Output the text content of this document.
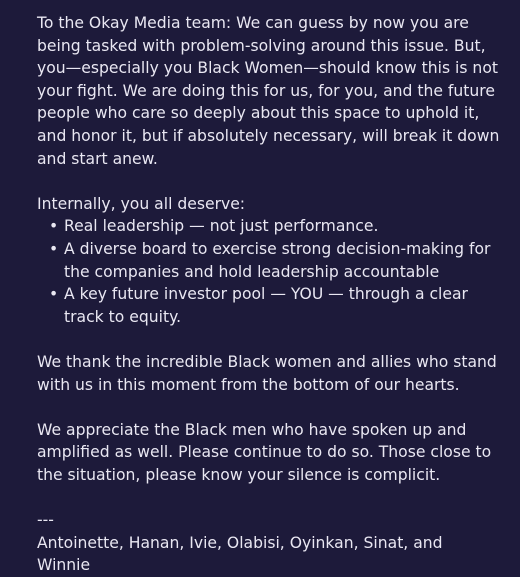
To the Okay Media team: We can guess by now you are being tasked with problem-solving around this issue. But, you—especially you Black Women—should know this is not your fight. We are doing this for us, for you, and the future people who care so deeply about this space to uphold it, and honor it, but if absolutely necessary, will break it down and start anew.

Internally, you all deserve:

• Real leadership — not just performance.
• A diverse board to exercise strong decision-making for the companies and hold leadership accountable
• A key future investor pool — YOU — through a clear track to equity.

We thank the incredible Black women and allies who stand with us in this moment from the bottom of our hearts.

We appreciate the Black men who have spoken up and amplified as well. Please continue to do so. Those close to the situation, please know your silence is complicit.

---

Antoinette, Hanan, Ivie, Olabisi, Oyinkan, Sinat, and Winnie
